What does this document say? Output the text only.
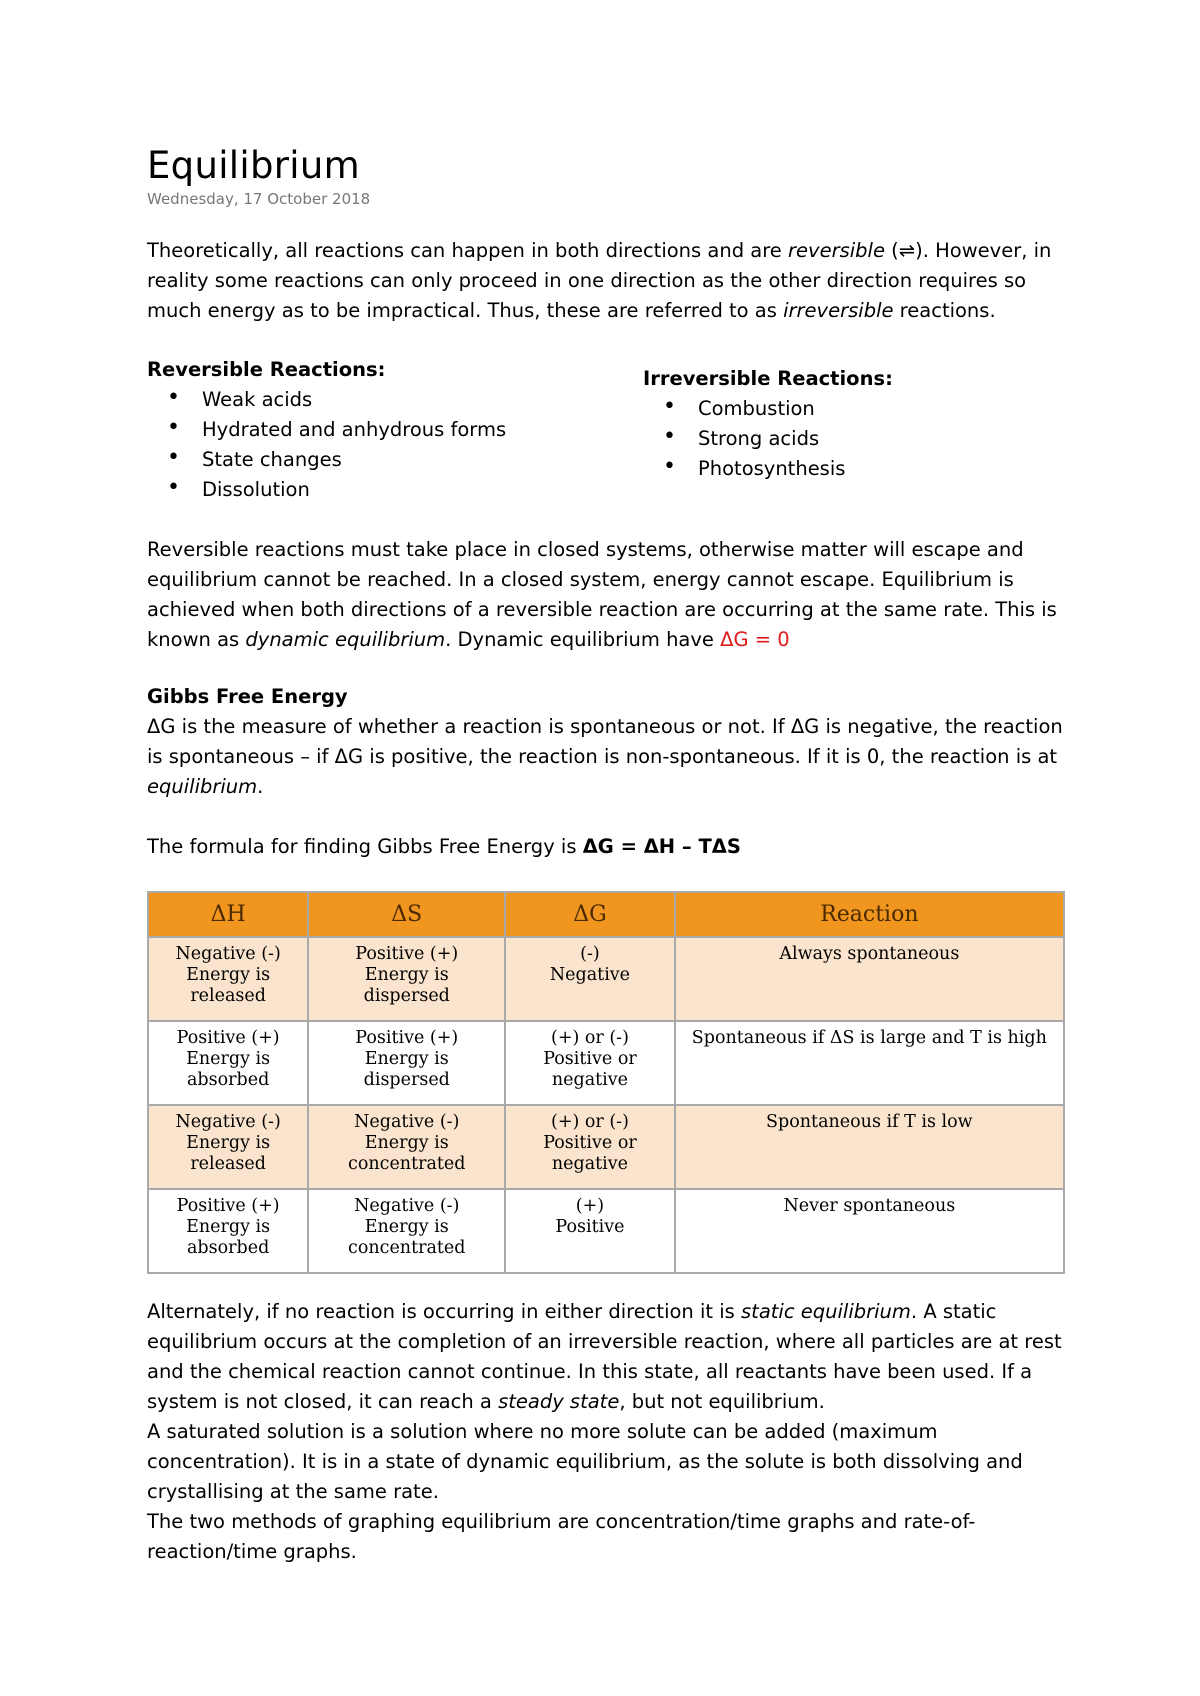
Equilibrium
Wednesday, 17 October 2018

Theoretically, all reactions can happen in both directions and are reversible (⇌). However, in reality some reactions can only proceed in one direction as the other direction requires so much energy as to be impractical. Thus, these are referred to as irreversible reactions.

Reversible Reactions:
• Weak acids
• Hydrated and anhydrous forms
• State changes
• Dissolution
Irreversible Reactions:
• Combustion
• Strong acids
• Photosynthesis

Reversible reactions must take place in closed systems, otherwise matter will escape and equilibrium cannot be reached. In a closed system, energy cannot escape. Equilibrium is achieved when both directions of a reversible reaction are occurring at the same rate. This is known as dynamic equilibrium. Dynamic equilibrium have ΔG = 0

Gibbs Free Energy

ΔG is the measure of whether a reaction is spontaneous or not. If ΔG is negative, the reaction is spontaneous – if ΔG is positive, the reaction is non-spontaneous. If it is 0, the reaction is at equilibrium.

The formula for finding Gibbs Free Energy is ΔG = ΔH – TΔS

ΔH	ΔS	ΔG	Reaction

Negative (-)
Energy is
released	Positive (+)
Energy is
dispersed	(-)
Negative	Always spontaneous

Positive (+)
Energy is
absorbed	Positive (+)
Energy is
dispersed	(+) or (-)
Positive or
negative	Spontaneous if ΔS is large and T is high

Negative (-)
Energy is
released	Negative (-)
Energy is
concentrated	(+) or (-)
Positive or
negative	Spontaneous if T is low

Positive (+)
Energy is
absorbed	Negative (-)
Energy is
concentrated	(+)
Positive	Never spontaneous

Alternately, if no reaction is occurring in either direction it is static equilibrium. A static equilibrium occurs at the completion of an irreversible reaction, where all particles are at rest and the chemical reaction cannot continue. In this state, all reactants have been used. If a system is not closed, it can reach a steady state, but not equilibrium.

A saturated solution is a solution where no more solute can be added (maximum concentration). It is in a state of dynamic equilibrium, as the solute is both dissolving and crystallising at the same rate.

The two methods of graphing equilibrium are concentration/time graphs and rate-of-reaction/time graphs.
